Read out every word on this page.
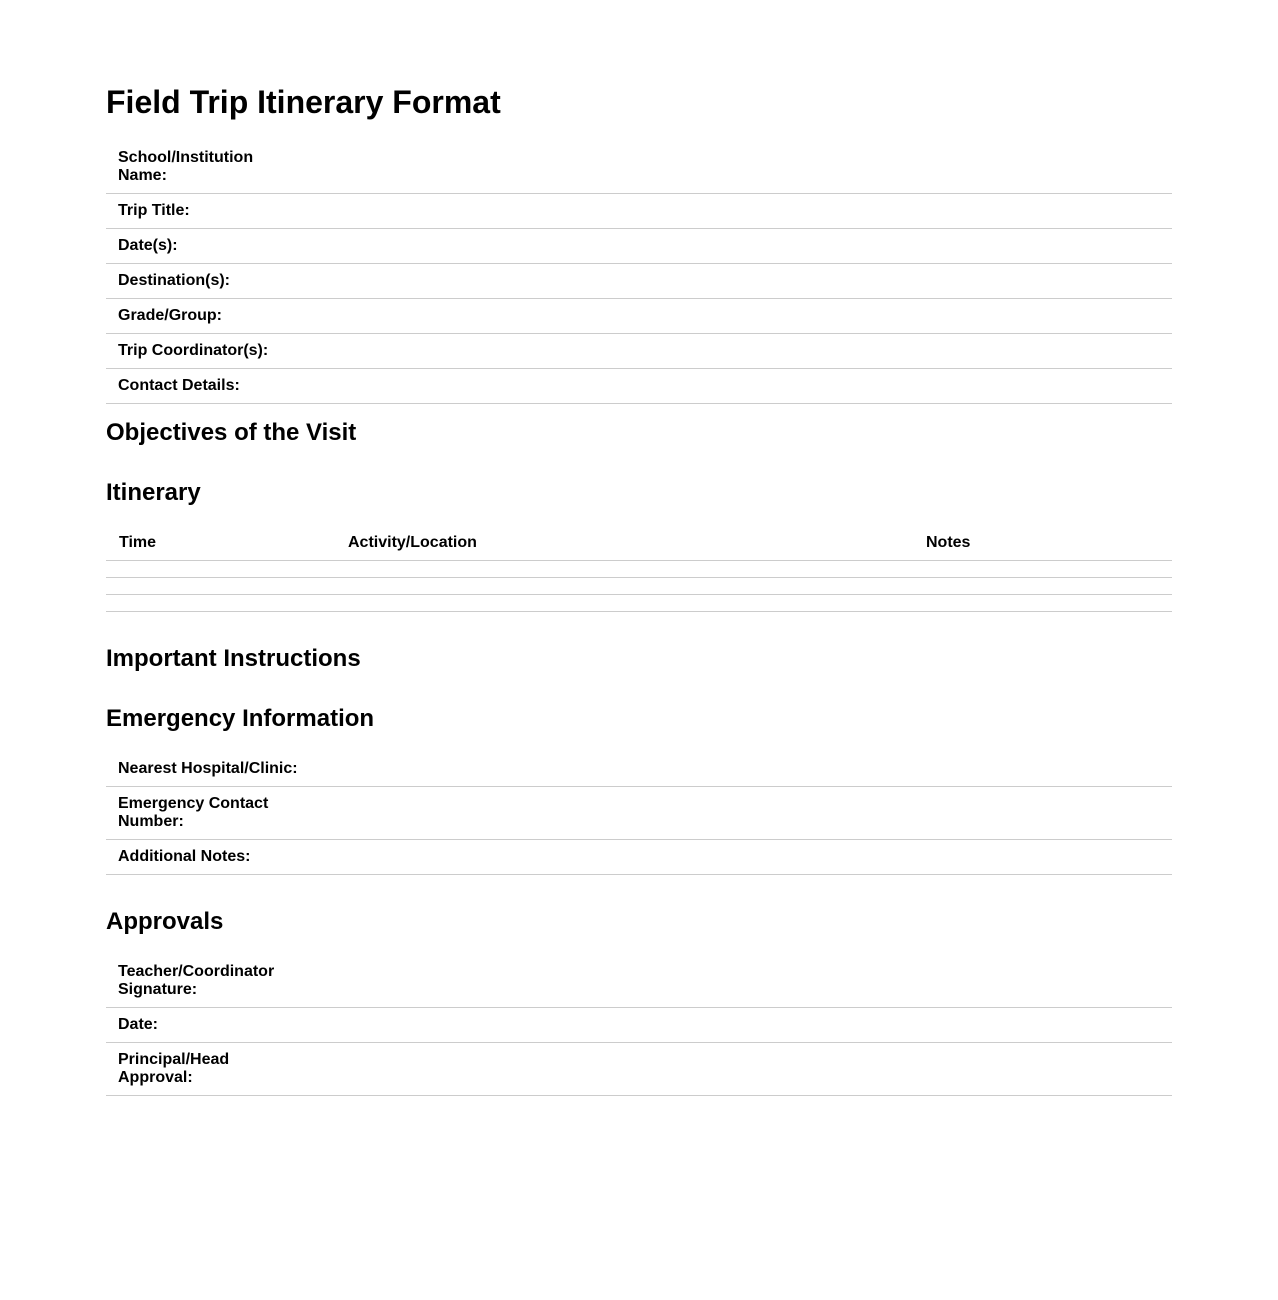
Field Trip Itinerary Format
School/Institution Name:	
Trip Title:	
Date(s):	
Destination(s):	
Grade/Group:	
Trip Coordinator(s):	
Contact Details:	
Objectives of the Visit
Itinerary
Time	Activity/Location	Notes

Important Instructions
Emergency Information
Nearest Hospital/Clinic:	
Emergency Contact Number:	
Additional Notes:	
Approvals
Teacher/Coordinator Signature:	
Date:	
Principal/Head Approval:	
